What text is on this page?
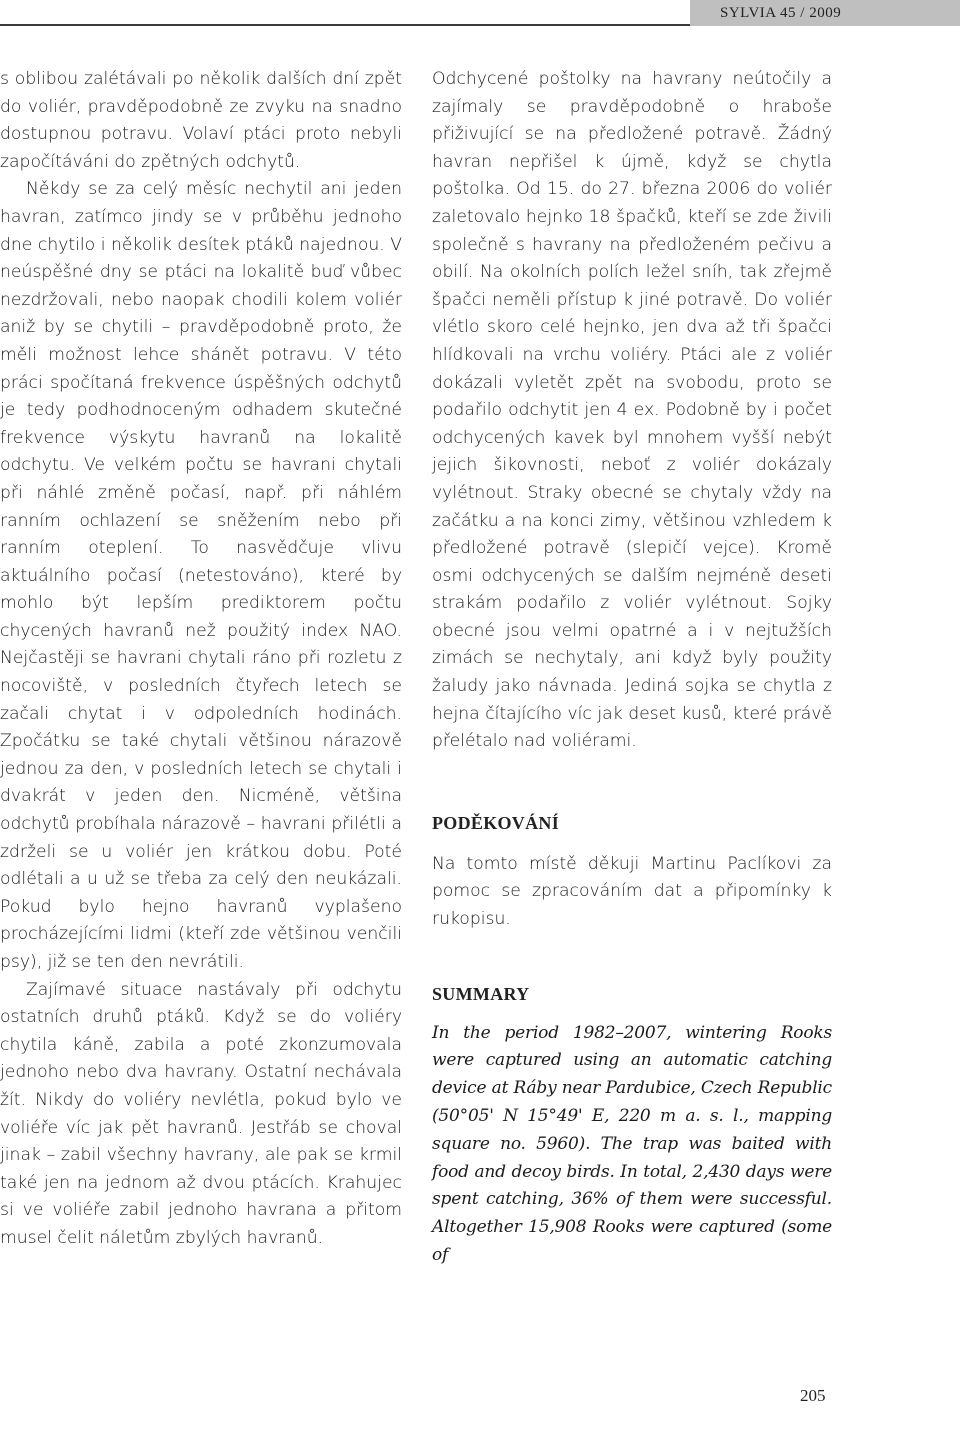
SYLVIA 45 / 2009

s oblibou zalétávali po několik dalších dní zpět do voliér, pravděpodobně ze zvyku na snadno dostupnou potravu. Volaví ptáci proto nebyli započítáváni do zpětných odchytů.

Někdy se za celý měsíc nechytil ani jeden havran, zatímco jindy se v průběhu jednoho dne chytilo i několik desítek ptáků najednou. V neúspěšné dny se ptáci na lokalitě buď vůbec nezdržovali, nebo naopak chodili kolem voliér aniž by se chytili – pravděpodobně proto, že měli možnost lehce shánět potravu. V této práci spočítaná frekvence úspěšných odchytů je tedy podhodnoceným odhadem skutečné frekvence výskytu havranů na lokalitě odchytu. Ve velkém počtu se havrani chytali při náhlé změně počasí, např. při náhlém ranním ochlazení se sněžením nebo při ranním oteplení. To nasvědčuje vlivu aktuálního počasí (netestováno), které by mohlo být lepším prediktorem počtu chycených havranů než použitý index NAO. Nejčastěji se havrani chytali ráno při rozletu z nocoviště, v posledních čtyřech letech se začali chytat i v odpoledních hodinách. Zpočátku se také chytali většinou nárazově jednou za den, v posledních letech se chytali i dvakrát v jeden den. Nicméně, většina odchytů probíhala nárazově – havrani přilétli a zdrželi se u voliér jen krátkou dobu. Poté odlétali a u už se třeba za celý den neukázali. Pokud bylo hejno havranů vyplašeno procházejícími lidmi (kteří zde většinou venčili psy), již se ten den nevrátili.

Zajímavé situace nastávaly při odchytu ostatních druhů ptáků. Když se do voliéry chytila káně, zabila a poté zkonzumovala jednoho nebo dva havrany. Ostatní nechávala žít. Nikdy do voliéry nevlétla, pokud bylo ve voliéře víc jak pět havranů. Jestřáb se choval jinak – zabil všechny havrany, ale pak se krmil také jen na jednom až dvou ptácích. Krahujec si ve voliéře zabil jednoho havrana a přitom musel čelit náletům zbylých havranů.

Odchycené poštolky na havrany neútočily a zajímaly se pravděpodobně o hraboše přiživující se na předložené potravě. Žádný havran nepřišel k újmě, když se chytla poštolka. Od 15. do 27. března 2006 do voliér zaletovalo hejnko 18 špačků, kteří se zde živili společně s havrany na předloženém pečivu a obilí. Na okolních polích ležel sníh, tak zřejmě špačci neměli přístup k jiné potravě. Do voliér vlétlo skoro celé hejnko, jen dva až tři špačci hlídkovali na vrchu voliéry. Ptáci ale z voliér dokázali vyletět zpět na svobodu, proto se podařilo odchytit jen 4 ex. Podobně by i počet odchycených kavek byl mnohem vyšší nebýt jejich šikovnosti, neboť z voliér dokázaly vylétnout. Straky obecné se chytaly vždy na začátku a na konci zimy, většinou vzhledem k předložené potravě (slepičí vejce). Kromě osmi odchycených se dalším nejméně deseti strakám podařilo z voliér vylétnout. Sojky obecné jsou velmi opatrné a i v nejtužších zimách se nechytaly, ani když byly použity žaludy jako návnada. Jediná sojka se chytla z hejna čítajícího víc jak deset kusů, které právě přelétalo nad voliérami.

PODĚKOVÁNÍ

Na tomto místě děkuji Martinu Paclíkovi za pomoc se zpracováním dat a připomínky k rukopisu.

SUMMARY

In the period 1982–2007, wintering Rooks were captured using an automatic catching device at Ráby near Pardubice, Czech Republic (50°05' N 15°49' E, 220 m a. s. l., mapping square no. 5960). The trap was baited with food and decoy birds. In total, 2,430 days were spent catching, 36% of them were successful. Altogether 15,908 Rooks were captured (some of

205
